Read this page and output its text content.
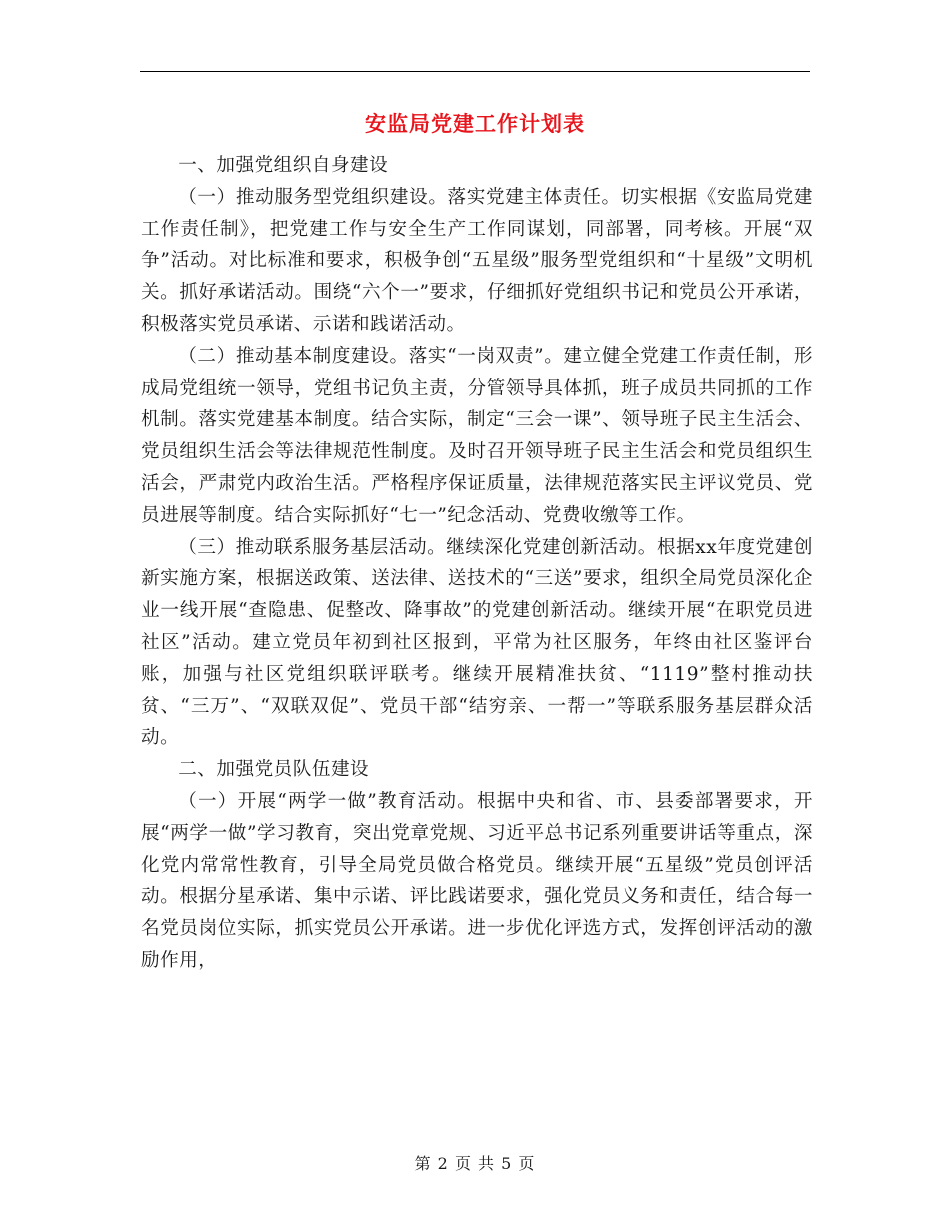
安监局党建工作计划表

一、加强党组织自身建设

（一）推动服务型党组织建设。落实党建主体责任。切实根据《安监局党建工作责任制》，把党建工作与安全生产工作同谋划，同部署，同考核。开展“双争”活动。对比标准和要求，积极争创“五星级”服务型党组织和“十星级”文明机关。抓好承诺活动。围绕“六个一”要求，仔细抓好党组织书记和党员公开承诺，积极落实党员承诺、示诺和践诺活动。

（二）推动基本制度建设。落实“一岗双责”。建立健全党建工作责任制，形成局党组统一领导，党组书记负主责，分管领导具体抓，班子成员共同抓的工作机制。落实党建基本制度。结合实际，制定“三会一课”、领导班子民主生活会、党员组织生活会等法律规范性制度。及时召开领导班子民主生活会和党员组织生活会，严肃党内政治生活。严格程序保证质量，法律规范落实民主评议党员、党员进展等制度。结合实际抓好“七一”纪念活动、党费收缴等工作。

（三）推动联系服务基层活动。继续深化党建创新活动。根据xx年度党建创新实施方案，根据送政策、送法律、送技术的“三送”要求，组织全局党员深化企业一线开展“查隐患、促整改、降事故”的党建创新活动。继续开展“在职党员进社区”活动。建立党员年初到社区报到，平常为社区服务，年终由社区鉴评台账，加强与社区党组织联评联考。继续开展精准扶贫、“1119”整村推动扶贫、“三万”、“双联双促”、党员干部“结穷亲、一帮一”等联系服务基层群众活动。

二、加强党员队伍建设

（一）开展“两学一做”教育活动。根据中央和省、市、县委部署要求，开展“两学一做”学习教育，突出党章党规、习近平总书记系列重要讲话等重点，深化党内常常性教育，引导全局党员做合格党员。继续开展“五星级”党员创评活动。根据分星承诺、集中示诺、评比践诺要求，强化党员义务和责任，结合每一名党员岗位实际，抓实党员公开承诺。进一步优化评选方式，发挥创评活动的激励作用，

第 2 页 共 5 页
